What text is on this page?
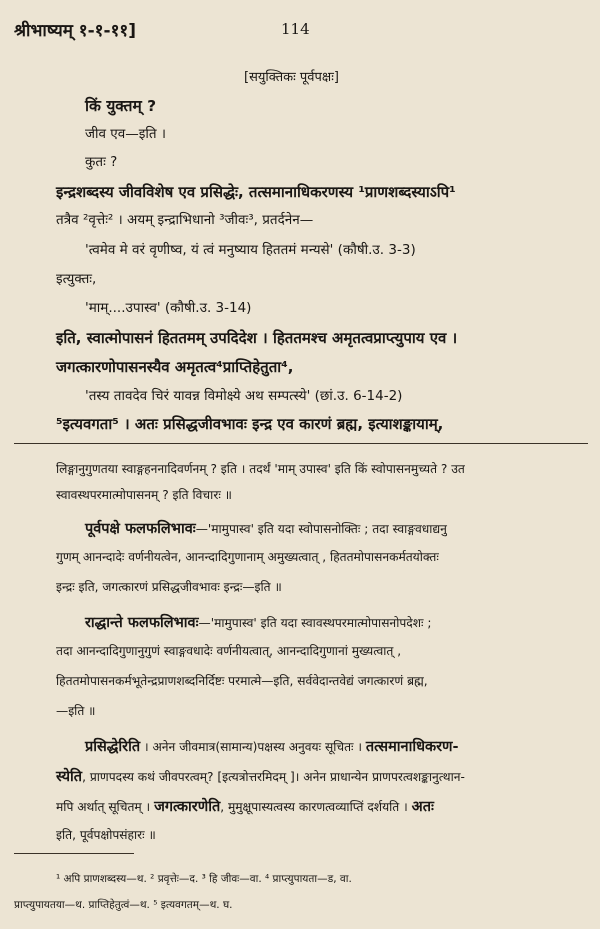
श्रीभाष्यम् १-१-११]	114
[सयुक्तिकः पूर्वपक्षः]
किं युक्तम् ?
जीव एव—इति ।
कुतः ?
इन्द्रशब्दस्य जीवविशेष एव प्रसिद्धेः, तत्समानाधिकरणस्य ¹प्राणशब्दस्याऽपि¹
तत्रैव ²वृत्तेः² । अयम् इन्द्राभिधानो ³जीवः³, प्रतर्दनेन—
'त्वमेव मे वरं वृणीष्व, यं त्वं मनुष्याय हिततमं मन्यसे' (कौषी.उ. 3-3)
इत्युक्तः,
'माम्....उपास्व' (कौषी.उ. 3-14)
इति, स्वात्मोपासनं हिततमम् उपदिदेश । हिततमश्च अमृतत्वप्राप्त्युपाय एव ।
जगत्कारणोपासनस्यैव अमृतत्व⁴प्राप्तिहेतुता⁴,
'तस्य तावदेव चिरं यावन्न विमोक्ष्ये अथ सम्पत्स्ये' (छां.उ. 6-14-2)
⁵इत्यवगता⁵ । अतः प्रसिद्धजीवभावः इन्द्र एव कारणं ब्रह्म, इत्याशङ्कायाम्,
लिङ्गानुगुणतया स्वाङ्गहननादिवर्णनम् ? इति । तदर्थं 'माम् उपास्व' इति किं स्वोपासनमुच्यते ? उत
स्वावस्थपरमात्मोपासनम् ? इति विचारः ॥
पूर्वपक्षे फलफलिभावः—'मामुपास्व' इति यदा स्वोपासनोक्तिः ; तदा स्वाङ्गवधाद्यनु
गुणम् आनन्दादेः वर्णनीयत्वेन, आनन्दादिगुणानाम् अमुख्यत्वात् , हिततमोपासनकर्मतयोक्तः
इन्द्रः इति, जगत्कारणं प्रसिद्धजीवभावः इन्द्रः—इति ॥
राद्धान्ते फलफलिभावः—'मामुपास्व' इति यदा स्वावस्थपरमात्मोपासनोपदेशः ;
तदा आनन्दादिगुणानुगुणं स्वाङ्गवधादेः वर्णनीयत्वात्, आनन्दादिगुणानां मुख्यत्वात् ,
हिततमोपासनकर्मभूतेन्द्रप्राणशब्दनिर्दिष्टः परमात्मे—इति, सर्ववेदान्तवेद्यं जगत्कारणं ब्रह्म,
—इति ॥
प्रसिद्धेरिति । अनेन जीवमात्र(सामान्य)पक्षस्य अनुवयः सूचितः । तत्समानाधिकरण-
स्येति, प्राणपदस्य कथं जीवपरत्वम्? [इत्यत्रोत्तरमिदम् ]। अनेन प्राधान्येन प्राणपरत्वशङ्कानुत्थान-
मपि अर्थात् सूचितम् । जगत्कारणेति, मुमुक्षूपास्यत्वस्य कारणत्वव्याप्तिं दर्शयति । अतः
इति, पूर्वपक्षोपसंहारः ॥
¹ अपि प्राणशब्दस्य—थ. ² प्रवृत्तेः—द. ³ हि जीवः—वा. ⁴ प्राप्त्युपायता—ड, वा.
प्राप्त्युपायतया—थ. प्राप्तिहेतुत्वं—थ. ⁵ इत्यवगतम्—थ. घ.
